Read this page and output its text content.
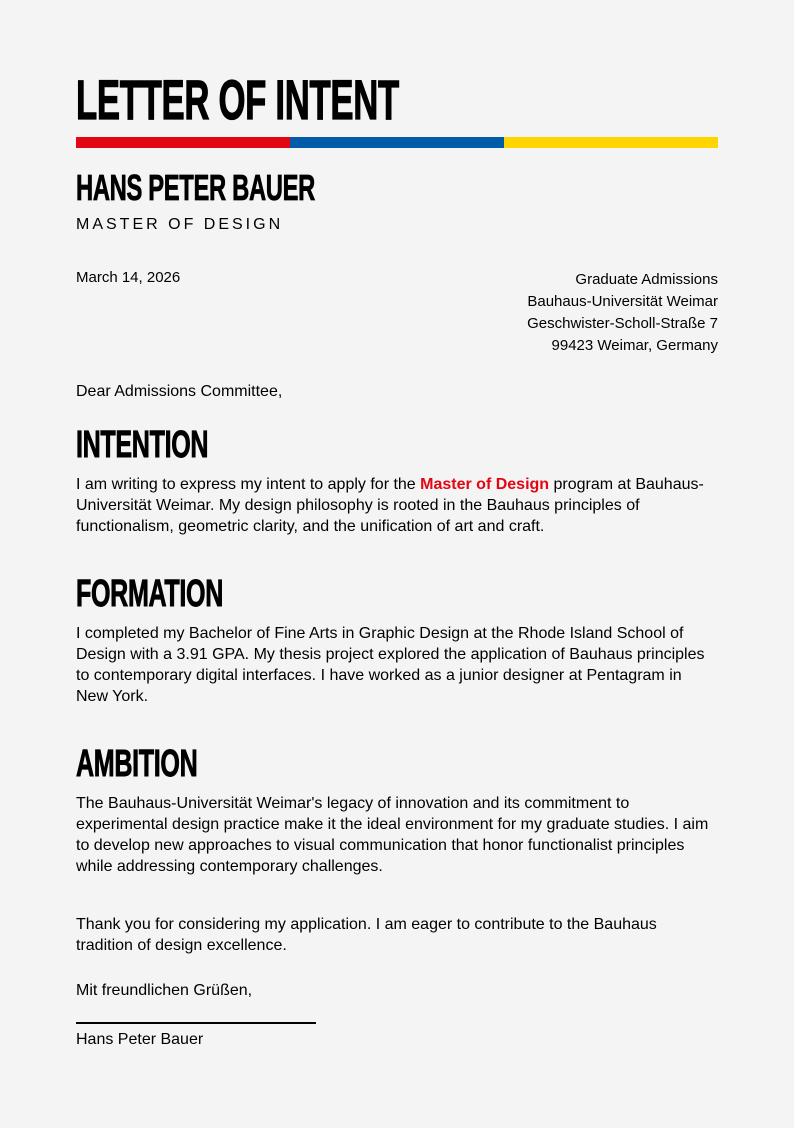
LETTER OF INTENT
HANS PETER BAUER
MASTER OF DESIGN
March 14, 2026	Graduate Admissions
Bauhaus-Universität Weimar
Geschwister-Scholl-Straße 7
99423 Weimar, Germany
Dear Admissions Committee,
INTENTION
I am writing to express my intent to apply for the Master of Design program at Bauhaus-Universität Weimar. My design philosophy is rooted in the Bauhaus principles of functionalism, geometric clarity, and the unification of art and craft.
FORMATION
I completed my Bachelor of Fine Arts in Graphic Design at the Rhode Island School of Design with a 3.91 GPA. My thesis project explored the application of Bauhaus principles to contemporary digital interfaces. I have worked as a junior designer at Pentagram in New York.
AMBITION
The Bauhaus-Universität Weimar's legacy of innovation and its commitment to experimental design practice make it the ideal environment for my graduate studies. I aim to develop new approaches to visual communication that honor functionalist principles while addressing contemporary challenges.
Thank you for considering my application. I am eager to contribute to the Bauhaus tradition of design excellence.
Mit freundlichen Grüßen,
Hans Peter Bauer
